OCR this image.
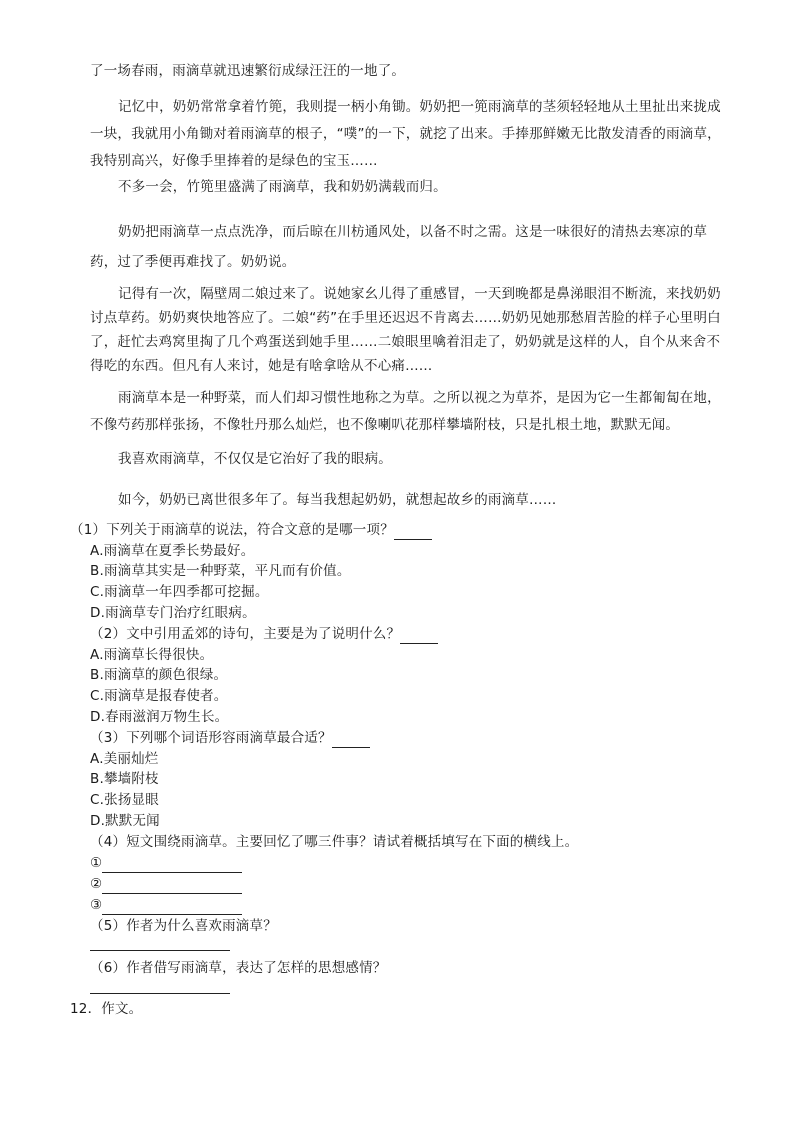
了一场春雨，雨滴草就迅速繁衍成绿汪汪的一地了。

记忆中，奶奶常常拿着竹篼，我则提一柄小角锄。奶奶把一篼雨滴草的茎须轻轻地从土里扯出来拢成一块，我就用小角锄对着雨滴草的根子，“噗”的一下，就挖了出来。手捧那鲜嫩无比散发清香的雨滴草，我特别高兴，好像手里捧着的是绿色的宝玉……

不多一会，竹篼里盛满了雨滴草，我和奶奶满载而归。

奶奶把雨滴草一点点洗净，而后晾在川枋通风处，以备不时之需。这是一味很好的清热去寒凉的草药，过了季便再难找了。奶奶说。

记得有一次，隔壁周二娘过来了。说她家幺儿得了重感冒，一天到晚都是鼻涕眼泪不断流，来找奶奶讨点草药。奶奶爽快地答应了。二娘“药”在手里还迟迟不肯离去……奶奶见她那愁眉苦脸的样子心里明白了，赶忙去鸡窝里掏了几个鸡蛋送到她手里……二娘眼里噙着泪走了，奶奶就是这样的人，自个从来舍不得吃的东西。但凡有人来讨，她是有啥拿啥从不心痛……

雨滴草本是一种野菜，而人们却习惯性地称之为草。之所以视之为草芥，是因为它一生都匍匐在地，不像芍药那样张扬，不像牡丹那么灿烂，也不像喇叭花那样攀墙附枝，只是扎根土地，默默无闻。

我喜欢雨滴草，不仅仅是它治好了我的眼病。

如今，奶奶已离世很多年了。每当我想起奶奶，就想起故乡的雨滴草……

（1）下列关于雨滴草的说法，符合文意的是哪一项？
A.雨滴草在夏季长势最好。
B.雨滴草其实是一种野菜，平凡而有价值。
C.雨滴草一年四季都可挖掘。
D.雨滴草专门治疗红眼病。
（2）文中引用孟郊的诗句，主要是为了说明什么？
A.雨滴草长得很快。
B.雨滴草的颜色很绿。
C.雨滴草是报春使者。
D.春雨滋润万物生长。
（3）下列哪个词语形容雨滴草最合适？
A.美丽灿烂
B.攀墙附枝
C.张扬显眼
D.默默无闻
（4）短文围绕雨滴草。主要回忆了哪三件事？请试着概括填写在下面的横线上。
①
②
③
（5）作者为什么喜欢雨滴草？
（6）作者借写雨滴草，表达了怎样的思想感情？
12．作文。
